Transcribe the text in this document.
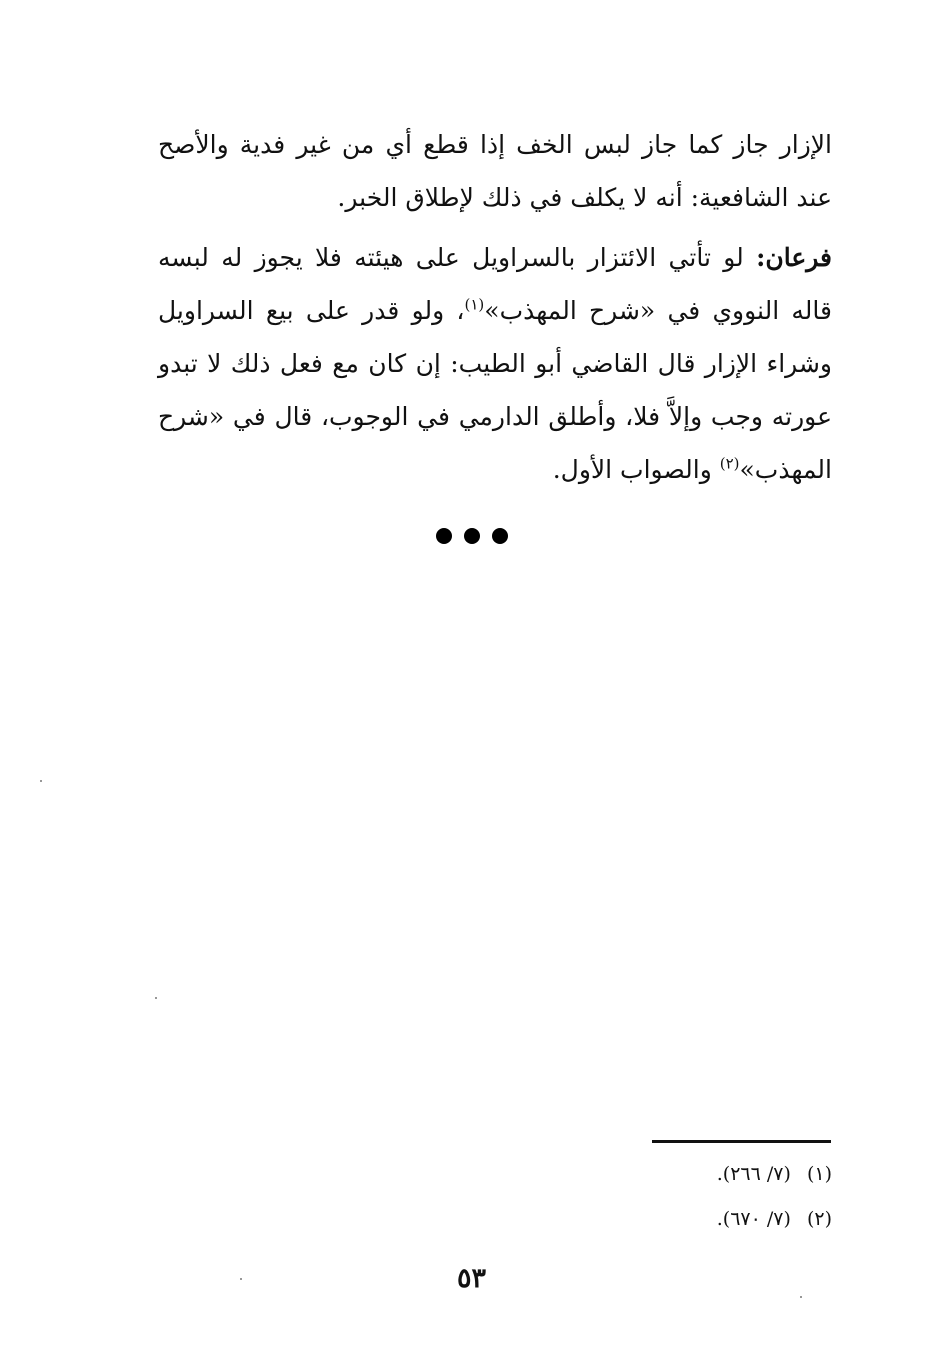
الإزار جاز كما جاز لبس الخف إذا قطع أي من غير فدية والأصح عند الشافعية: أنه لا يكلف في ذلك لإطلاق الخبر.

فرعان: لو تأتي الائتزار بالسراويل على هيئته فلا يجوز له لبسه قاله النووي في «شرح المهذب»$^{(١)}$، ولو قدر على بيع السراويل وشراء الإزار قال القاضي أبو الطيب: إن كان مع فعل ذلك لا تبدو عورته وجب وإلاَّ فلا، وأطلق الدارمي في الوجوب، قال في «شرح المهذب»$^{(٢)}$ والصواب الأول.

(١)(٧/ ٢٦٦).
(٢)(٧/ ٦٧٠).
٥٣
